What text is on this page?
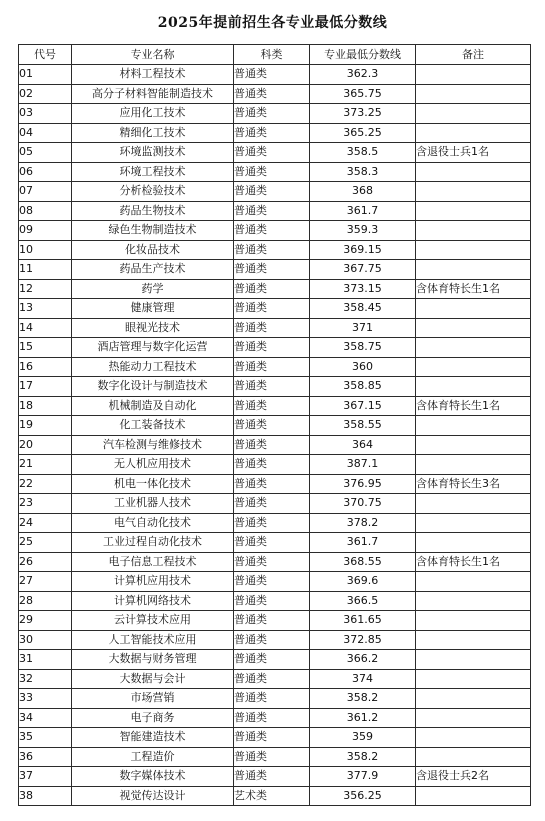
2025年提前招生各专业最低分数线
代号	专业名称	科类	专业最低分数线	备注
01	材料工程技术	普通类	362.3	
02	高分子材料智能制造技术	普通类	365.75	
03	应用化工技术	普通类	373.25	
04	精细化工技术	普通类	365.25	
05	环境监测技术	普通类	358.5	含退役士兵1名
06	环境工程技术	普通类	358.3	
07	分析检验技术	普通类	368	
08	药品生物技术	普通类	361.7	
09	绿色生物制造技术	普通类	359.3	
10	化妆品技术	普通类	369.15	
11	药品生产技术	普通类	367.75	
12	药学	普通类	373.15	含体育特长生1名
13	健康管理	普通类	358.45	
14	眼视光技术	普通类	371	
15	酒店管理与数字化运营	普通类	358.75	
16	热能动力工程技术	普通类	360	
17	数字化设计与制造技术	普通类	358.85	
18	机械制造及自动化	普通类	367.15	含体育特长生1名
19	化工装备技术	普通类	358.55	
20	汽车检测与维修技术	普通类	364	
21	无人机应用技术	普通类	387.1	
22	机电一体化技术	普通类	376.95	含体育特长生3名
23	工业机器人技术	普通类	370.75	
24	电气自动化技术	普通类	378.2	
25	工业过程自动化技术	普通类	361.7	
26	电子信息工程技术	普通类	368.55	含体育特长生1名
27	计算机应用技术	普通类	369.6	
28	计算机网络技术	普通类	366.5	
29	云计算技术应用	普通类	361.65	
30	人工智能技术应用	普通类	372.85	
31	大数据与财务管理	普通类	366.2	
32	大数据与会计	普通类	374	
33	市场营销	普通类	358.2	
34	电子商务	普通类	361.2	
35	智能建造技术	普通类	359	
36	工程造价	普通类	358.2	
37	数字媒体技术	普通类	377.9	含退役士兵2名
38	视觉传达设计	艺术类	356.25	
